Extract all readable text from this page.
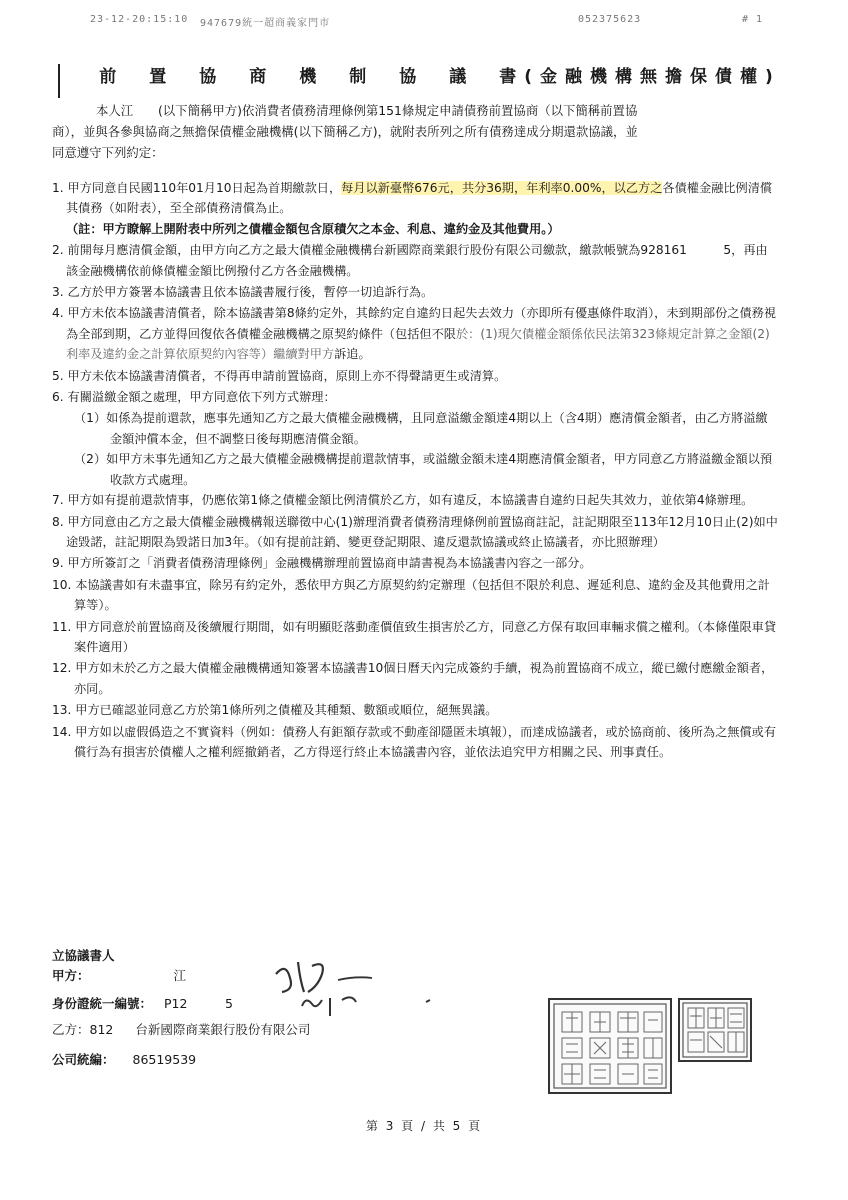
23-12-20:15:10 947679統一超商義家門市	052375623	# 1
前　置　協　商　機　制　協　議　書(金融機構無擔保債權)
本人江　　(以下簡稱甲方)依消費者債務清理條例第151條規定申請債務前置協商（以下簡稱前置協
商），並與各參與協商之無擔保債權金融機構(以下簡稱乙方)，就附表所列之所有債務達成分期還款協議，並
同意遵守下列約定：
1. 甲方同意自民國110年01月10日起為首期繳款日，每月以新臺幣676元，共分36期，年利率0.00%，以乙方之各債權金融比例清償其債務（如附表），至全部債務清償為止。（註：甲方瞭解上開附表中所列之債權金額包含原積欠之本金、利息、違約金及其他費用。）
2. 前開每月應清償金額，由甲方向乙方之最大債權金融機構台新國際商業銀行股份有限公司繳款，繳款帳號為928161　　　5，再由該金融機構依前條債權金額比例撥付乙方各金融機構。
3. 乙方於甲方簽署本協議書且依本協議書履行後，暫停一切追訴行為。
4. 甲方未依本協議書清償者，除本協議書第8條約定外，其餘約定自違約日起失去效力（亦即所有優惠條件取消），未到期部份之債務視為全部到期，乙方並得回復依各債權金融機構之原契約條件（包括但不限於：(1)現欠債權金額係依民法第323條規定計算之金額(2)利率及違約金之計算依原契約內容等）繼續對甲方訴追。
5. 甲方未依本協議書清償者，不得再申請前置協商，原則上亦不得聲請更生或清算。
6. 有關溢繳金額之處理，甲方同意依下列方式辦理：
（1）如係為提前還款，應事先通知乙方之最大債權金融機構，且同意溢繳金額達4期以上（含4期）應清償金額者，由乙方將溢繳金額沖償本金，但不調整日後每期應清償金額。
（2）如甲方未事先通知乙方之最大債權金融機構提前還款情事，或溢繳金額未達4期應清償金額者，甲方同意乙方將溢繳金額以預收款方式處理。
7. 甲方如有提前還款情事，仍應依第1條之債權金額比例清償於乙方，如有違反，本協議書自違約日起失其效力，並依第4條辦理。
8. 甲方同意由乙方之最大債權金融機構報送聯徵中心(1)辦理消費者債務清理條例前置協商註記，註記期限至113年12月10日止(2)如中途毀諾，註記期限為毀諾日加3年。（如有提前註銷、變更登記期限、違反還款協議或終止協議者，亦比照辦理）
9. 甲方所簽訂之「消費者債務清理條例」金融機構辦理前置協商申請書視為本協議書內容之一部分。
10. 本協議書如有未盡事宜，除另有約定外，悉依甲方與乙方原契約約定辦理（包括但不限於利息、遲延利息、違約金及其他費用之計算等）。
11. 甲方同意於前置協商及後續履行期間，如有明顯貶落動產價值致生損害於乙方，同意乙方保有取回車輛求償之權利。（本條僅限車貸案件適用）
12. 甲方如未於乙方之最大債權金融機構通知簽署本協議書10個日曆天內完成簽約手續，視為前置協商不成立，縱已繳付應繳金額者，亦同。
13. 甲方已確認並同意乙方於第1條所列之債權及其種類、數額或順位，絕無異議。
14. 甲方如以虛假僞造之不實資料（例如：債務人有鉅額存款或不動產卻隱匿未填報），而達成協議者，或於協商前、後所為之無償或有償行為有損害於債權人之權利經撤銷者，乙方得逕行終止本協議書內容，並依法追究甲方相關之民、刑事責任。
立協議書人
甲方：	江　　
身份證統一編號： P12　　　5
乙方：812 台新國際商業銀行股份有限公司
公司統編： 86519539
第 3 頁 / 共 5 頁
